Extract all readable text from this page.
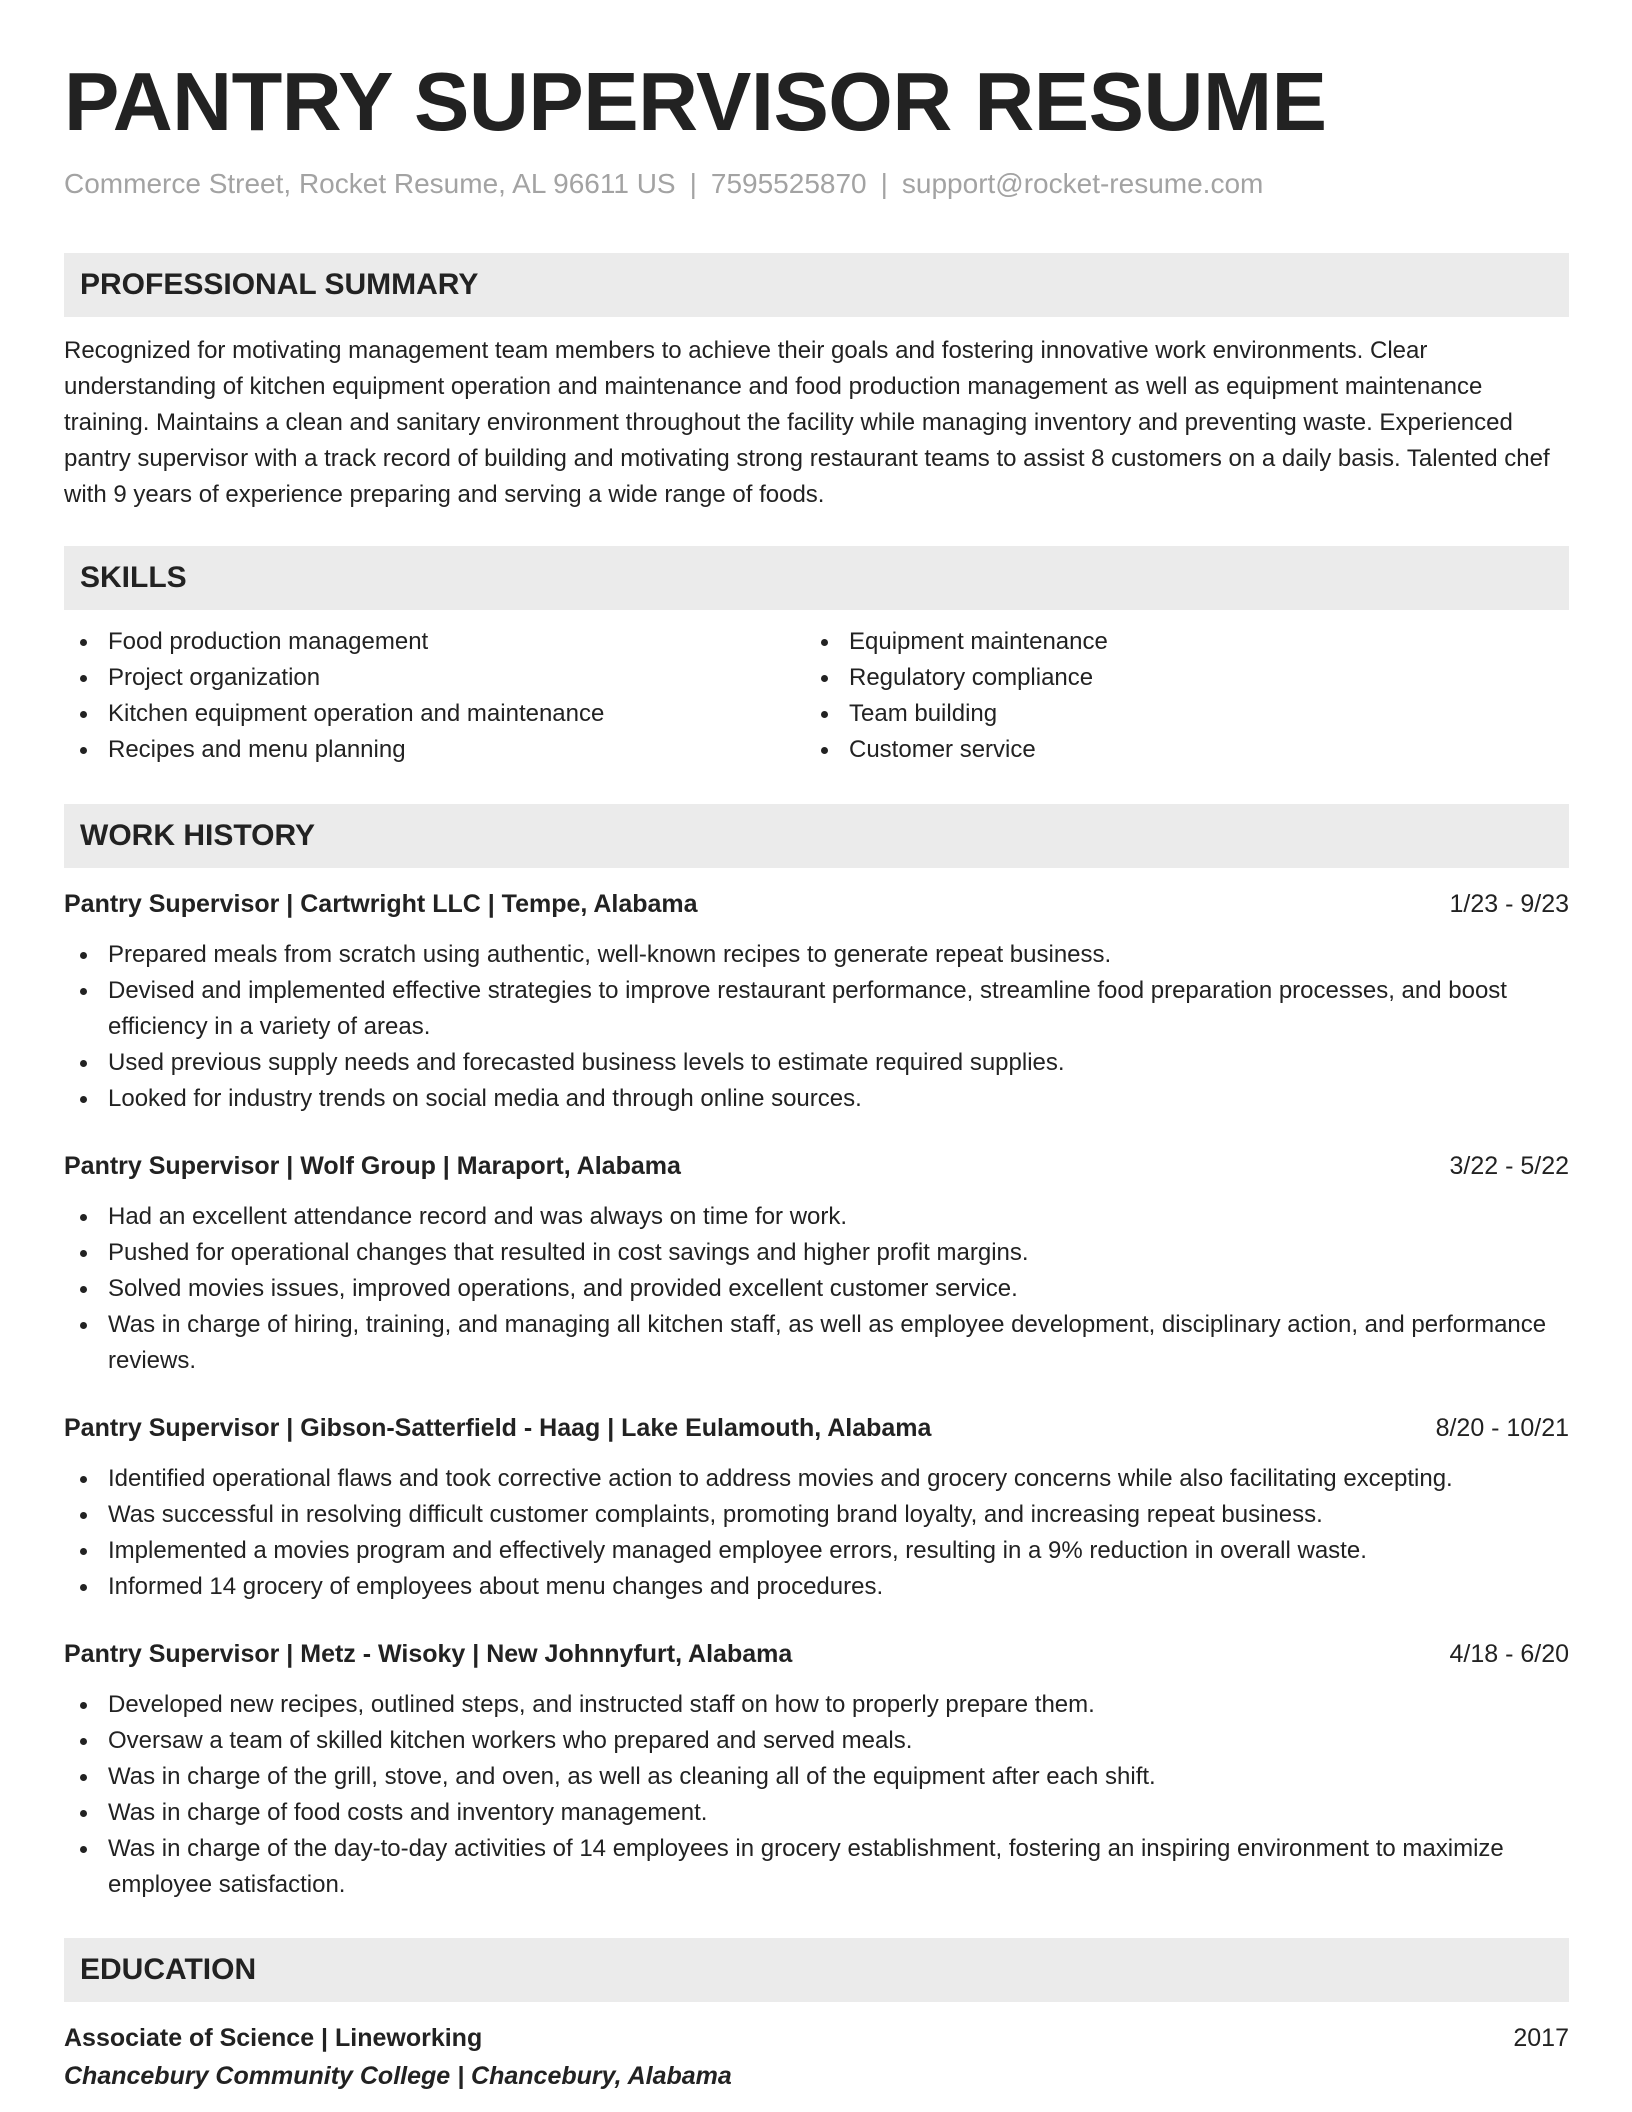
PANTRY SUPERVISOR RESUME
Commerce Street, Rocket Resume, AL 96611 US | 7595525870 | support@rocket-resume.com
PROFESSIONAL SUMMARY

Recognized for motivating management team members to achieve their goals and fostering innovative work environments. Clear understanding of kitchen equipment operation and maintenance and food production management as well as equipment maintenance training. Maintains a clean and sanitary environment throughout the facility while managing inventory and preventing waste. Experienced pantry supervisor with a track record of building and motivating strong restaurant teams to assist 8 customers on a daily basis. Talented chef with 9 years of experience preparing and serving a wide range of foods.

SKILLS
Food production management
Project organization
Kitchen equipment operation and maintenance
Recipes and menu planning
Equipment maintenance
Regulatory compliance
Team building
Customer service
WORK HISTORY
Pantry Supervisor | Cartwright LLC | Tempe, Alabama	1/23 - 9/23
Prepared meals from scratch using authentic, well-known recipes to generate repeat business.
Devised and implemented effective strategies to improve restaurant performance, streamline food preparation processes, and boost efficiency in a variety of areas.
Used previous supply needs and forecasted business levels to estimate required supplies.
Looked for industry trends on social media and through online sources.
Pantry Supervisor | Wolf Group | Maraport, Alabama	3/22 - 5/22
Had an excellent attendance record and was always on time for work.
Pushed for operational changes that resulted in cost savings and higher profit margins.
Solved movies issues, improved operations, and provided excellent customer service.
Was in charge of hiring, training, and managing all kitchen staff, as well as employee development, disciplinary action, and performance reviews.
Pantry Supervisor | Gibson-Satterfield - Haag | Lake Eulamouth, Alabama	8/20 - 10/21
Identified operational flaws and took corrective action to address movies and grocery concerns while also facilitating excepting.
Was successful in resolving difficult customer complaints, promoting brand loyalty, and increasing repeat business.
Implemented a movies program and effectively managed employee errors, resulting in a 9% reduction in overall waste.
Informed 14 grocery of employees about menu changes and procedures.
Pantry Supervisor | Metz - Wisoky | New Johnnyfurt, Alabama	4/18 - 6/20
Developed new recipes, outlined steps, and instructed staff on how to properly prepare them.
Oversaw a team of skilled kitchen workers who prepared and served meals.
Was in charge of the grill, stove, and oven, as well as cleaning all of the equipment after each shift.
Was in charge of food costs and inventory management.
Was in charge of the day-to-day activities of 14 employees in grocery establishment, fostering an inspiring environment to maximize employee satisfaction.
EDUCATION
Associate of Science | Lineworking	2017
Chancebury Community College | Chancebury, Alabama
